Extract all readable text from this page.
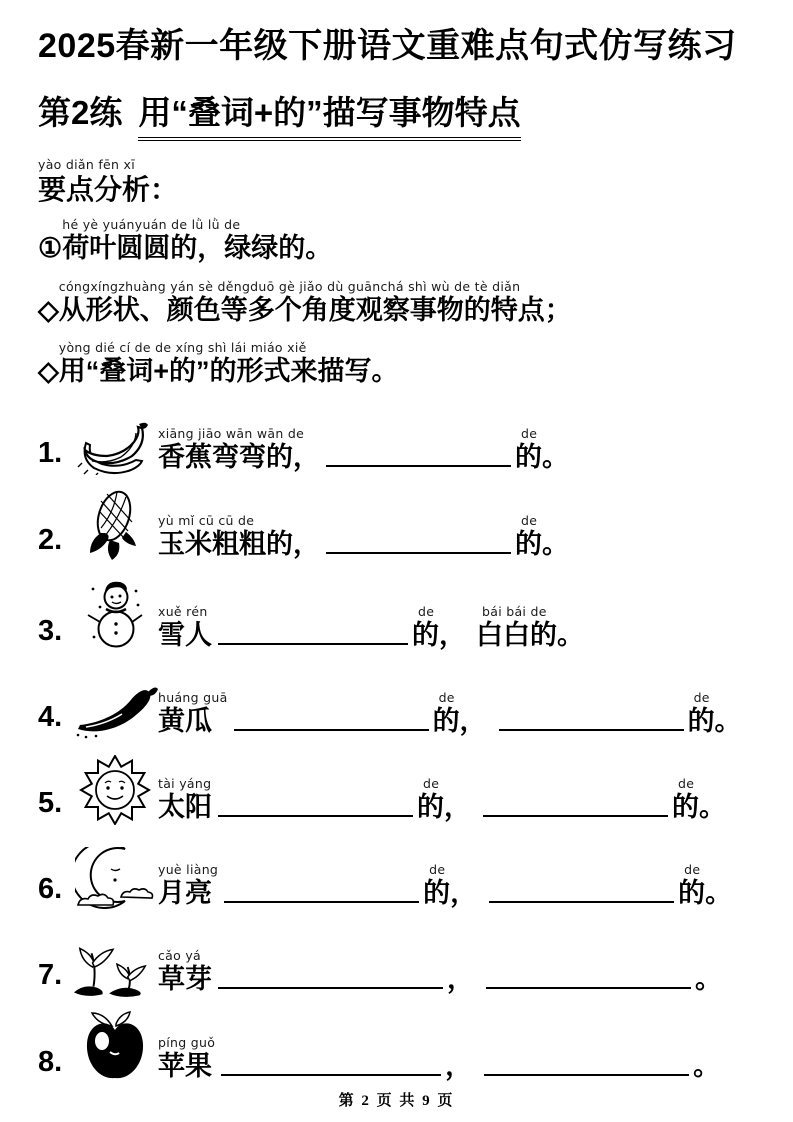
2025春新一年级下册语文重难点句式仿写练习
第2练 用“叠词+的”描写事物特点
yào diǎn fēn xī
要点分析：
①
hé yè yuányuán de lǜ lǜ de
荷叶圆圆的，绿绿的。
◇
cóngxíngzhuàng yán sè děngduō gè jiǎo dù guānchá shì wù de tè diǎn
从形状、颜色等多个角度观察事物的特点；
◇
yòng dié cí de de xíng shì lái miáo xiě
用“叠词+的”的形式来描写。
1.
xiāng jiāo wān wān de
香蕉弯弯的，
de
的。
2.
yù mǐ cū cū de
玉米粗粗的，
de
的。
3.
xuě rén
雪人
de
的，
bái bái de
白白的。
4.
huáng guā
黄瓜
de
的，
de
的。
5.
tài yáng
太阳
de
的，
de
的。
6.
yuè liàng
月亮
de
的，
de
的。
7.
cǎo yá
草芽	，	。
8.
píng guǒ
苹果	，	。
第 2 页 共 9 页
